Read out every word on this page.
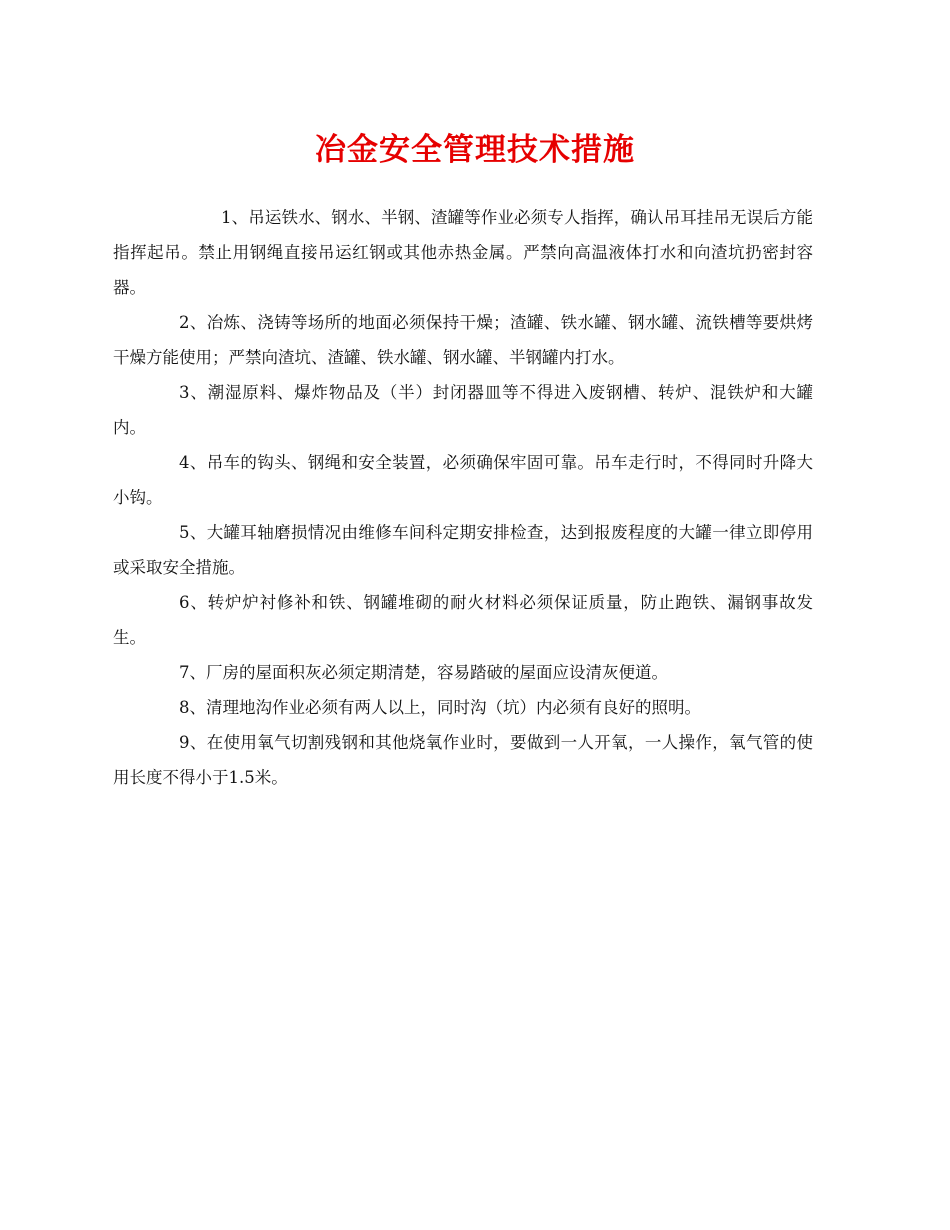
冶金安全管理技术措施

1、吊运铁水、钢水、半钢、渣罐等作业必须专人指挥，确认吊耳挂吊无误后方能指挥起吊。禁止用钢绳直接吊运红钢或其他赤热金属。严禁向高温液体打水和向渣坑扔密封容器。

2、冶炼、浇铸等场所的地面必须保持干燥；渣罐、铁水罐、钢水罐、流铁槽等要烘烤干燥方能使用；严禁向渣坑、渣罐、铁水罐、钢水罐、半钢罐内打水。

3、潮湿原料、爆炸物品及（半）封闭器皿等不得进入废钢槽、转炉、混铁炉和大罐内。

4、吊车的钩头、钢绳和安全装置，必须确保牢固可靠。吊车走行时，不得同时升降大小钩。

5、大罐耳轴磨损情况由维修车间科定期安排检查，达到报废程度的大罐一律立即停用或采取安全措施。

6、转炉炉衬修补和铁、钢罐堆砌的耐火材料必须保证质量，防止跑铁、漏钢事故发生。

7、厂房的屋面积灰必须定期清楚，容易踏破的屋面应设清灰便道。

8、清理地沟作业必须有两人以上，同时沟（坑）内必须有良好的照明。

9、在使用氧气切割残钢和其他烧氧作业时，要做到一人开氧，一人操作，氧气管的使用长度不得小于1.5米。
